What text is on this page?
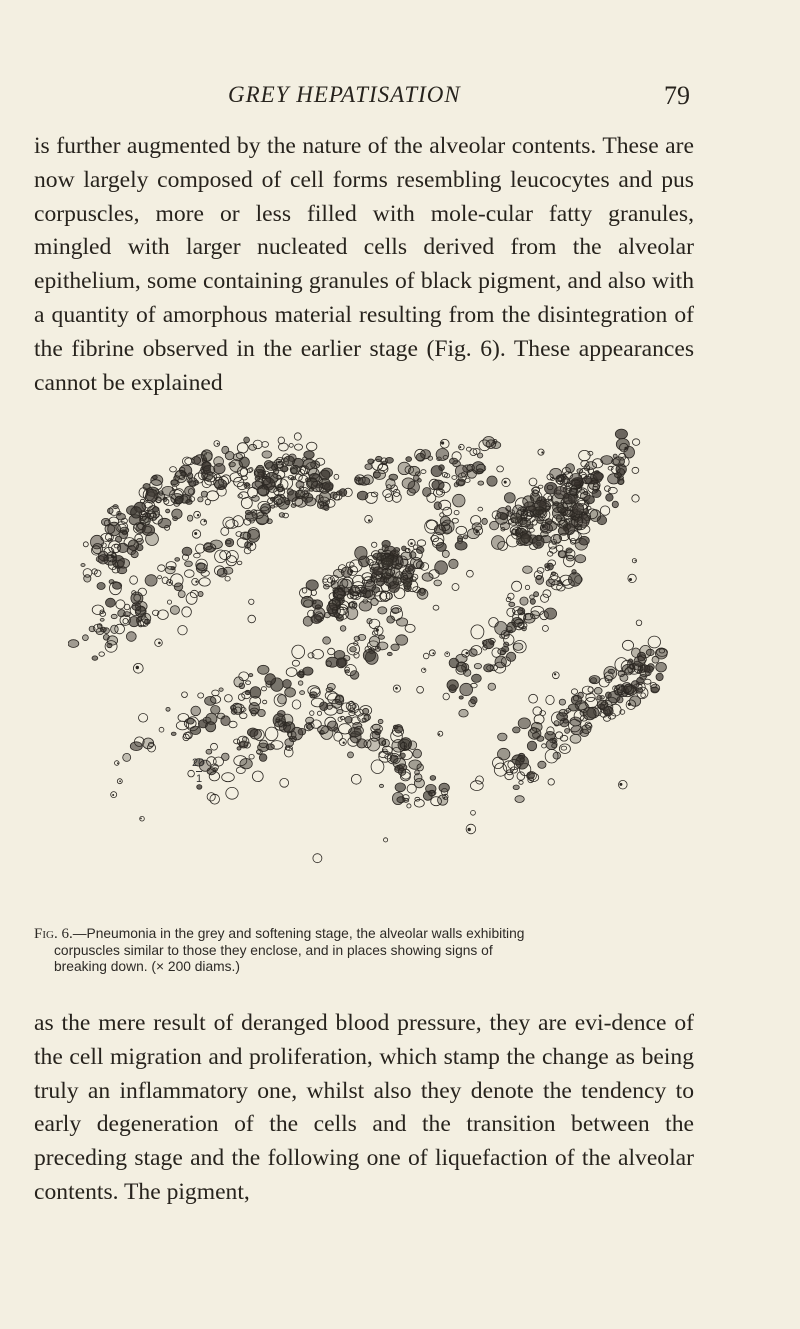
GREY HEPATISATION	79

is further augmented by the nature of the alveolar contents. These are now largely composed of cell forms resembling leucocytes and pus corpuscles, more or less filled with mole-cular fatty granules, mingled with larger nucleated cells derived from the alveolar epithelium, some containing granules of black pigment, and also with a quantity of amorphous material resulting from the disintegration of the fibrine observed in the earlier stage (Fig. 6). These appearances cannot be explained

20
1

Fig. 6.—Pneumonia in the grey and softening stage, the alveolar walls exhibiting
corpuscles similar to those they enclose, and in places showing signs of
breaking down. (× 200 diams.)

as the mere result of deranged blood pressure, they are evi-dence of the cell migration and proliferation, which stamp the change as being truly an inflammatory one, whilst also they denote the tendency to early degeneration of the cells and the transition between the preceding stage and the following one of liquefaction of the alveolar contents. The pigment,
